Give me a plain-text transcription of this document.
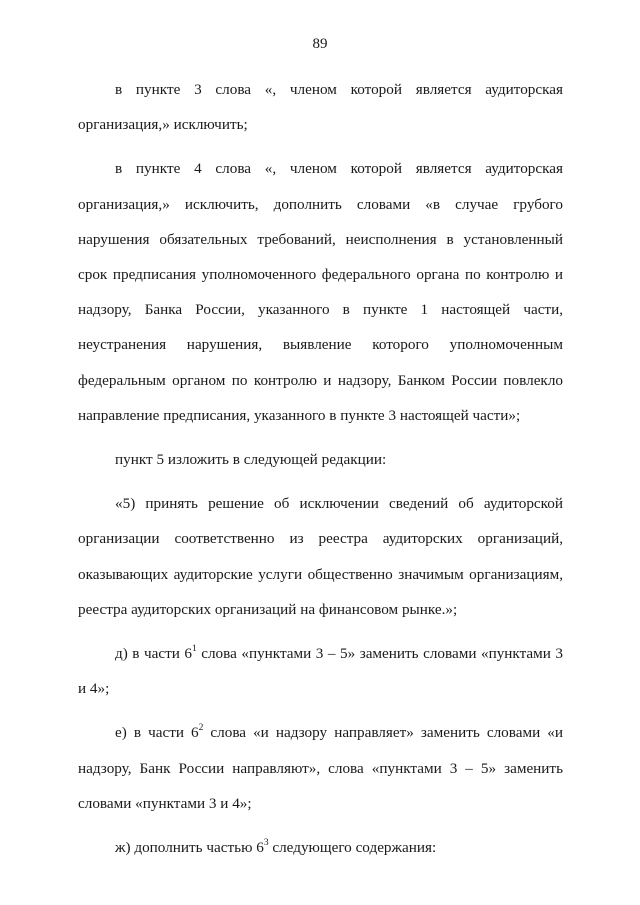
89

в пункте 3 слова «, членом которой является аудиторская организация,» исключить;

в пункте 4 слова «, членом которой является аудиторская организация,» исключить, дополнить словами «в случае грубого нарушения обязательных требований, неисполнения в установленный срок предписания уполномоченного федерального органа по контролю и надзору, Банка России, указанного в пункте 1 настоящей части, неустранения нарушения, выявление которого уполномоченным федеральным органом по контролю и надзору, Банком России повлекло направление предписания, указанного в пункте 3 настоящей части»;

пункт 5 изложить в следующей редакции:

«5) принять решение об исключении сведений об аудиторской организации соответственно из реестра аудиторских организаций, оказывающих аудиторские услуги общественно значимым организациям, реестра аудиторских организаций на финансовом рынке.»;

д) в части $6^1$ слова «пунктами 3 – 5» заменить словами «пунктами 3 и 4»;

е) в части $6^2$ слова «и надзору направляет» заменить словами «и надзору, Банк России направляют», слова «пунктами 3 – 5» заменить словами «пунктами 3 и 4»;

ж) дополнить частью $6^3$ следующего содержания:
